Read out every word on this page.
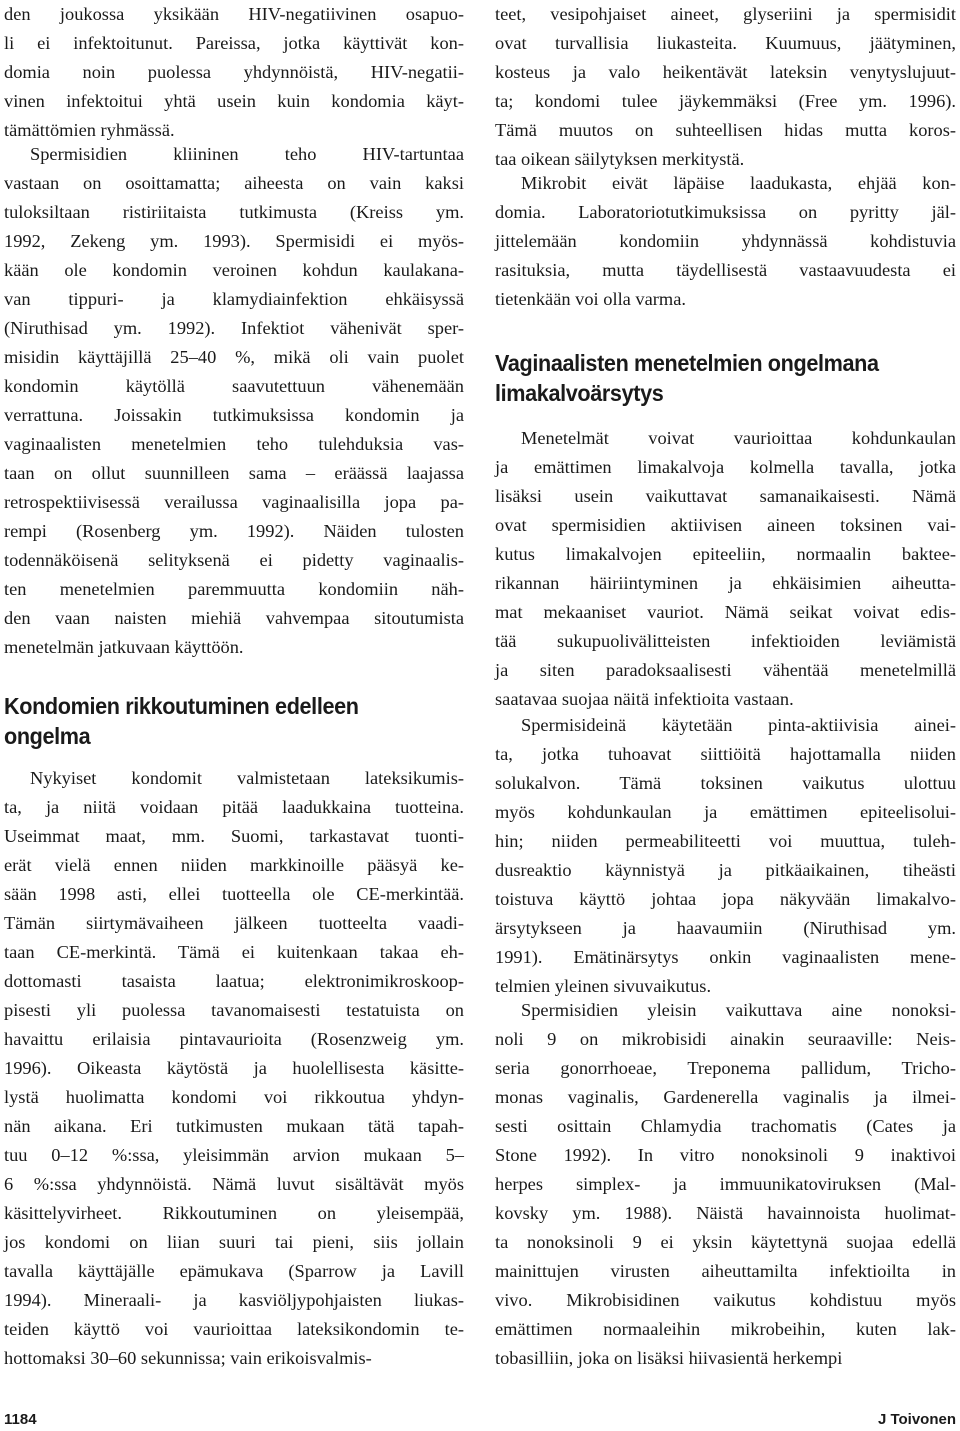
den joukossa yksikään HIV-negatiivinen osapuo-
li ei infektoitunut. Pareissa, jotka käyttivät kon-
domia noin puolessa yhdynnöistä, HIV-negatii-
vinen infektoitui yhtä usein kuin kondomia käyt-
tämättömien ryhmässä.
Spermisidien kliininen teho HIV-tartuntaa
vastaan on osoittamatta; aiheesta on vain kaksi
tuloksiltaan ristiriitaista tutkimusta (Kreiss ym.
1992, Zekeng ym. 1993). Spermisidi ei myös-
kään ole kondomin veroinen kohdun kaulakana-
van tippuri- ja klamydiainfektion ehkäisyssä
(Niruthisad ym. 1992). Infektiot vähenivät sper-
misidin käyttäjillä 25–40 %, mikä oli vain puolet
kondomin käytöllä saavutettuun vähenemään
verrattuna. Joissakin tutkimuksissa kondomin ja
vaginaalisten menetelmien teho tulehduksia vas-
taan on ollut suunnilleen sama – eräässä laajassa
retrospektiivisessä verailussa vaginaalisilla jopa pa-
rempi (Rosenberg ym. 1992). Näiden tulosten
todennäköisenä selityksenä ei pidetty vaginaalis-
ten menetelmien paremmuutta kondomiin näh-
den vaan naisten miehiä vahvempaa sitoutumista
menetelmän jatkuvaan käyttöön.
Kondomien rikkoutuminen edelleen
ongelma
Nykyiset kondomit valmistetaan lateksikumis-
ta, ja niitä voidaan pitää laadukkaina tuotteina.
Useimmat maat, mm. Suomi, tarkastavat tuonti-
erät vielä ennen niiden markkinoille pääsyä ke-
sään 1998 asti, ellei tuotteella ole CE-merkintää.
Tämän siirtymävaiheen jälkeen tuotteelta vaadi-
taan CE-merkintä. Tämä ei kuitenkaan takaa eh-
dottomasti tasaista laatua; elektronimikroskoop-
pisesti yli puolessa tavanomaisesti testatuista on
havaittu erilaisia pintavaurioita (Rosenzweig ym.
1996). Oikeasta käytöstä ja huolellisesta käsitte-
lystä huolimatta kondomi voi rikkoutua yhdyn-
nän aikana. Eri tutkimusten mukaan tätä tapah-
tuu 0–12 %:ssa, yleisimmän arvion mukaan 5–
6 %:ssa yhdynnöistä. Nämä luvut sisältävät myös
käsittelyvirheet. Rikkoutuminen on yleisempää,
jos kondomi on liian suuri tai pieni, siis jollain
tavalla käyttäjälle epämukava (Sparrow ja Lavill
1994). Mineraali- ja kasviöljypohjaisten liukas-
teiden käyttö voi vaurioittaa lateksikondomin te-
hottomaksi 30–60 sekunnissa; vain erikoisvalmis-
teet, vesipohjaiset aineet, glyseriini ja spermisidit
ovat turvallisia liukasteita. Kuumuus, jäätyminen,
kosteus ja valo heikentävät lateksin venytyslujuut-
ta; kondomi tulee jäykemmäksi (Free ym. 1996).
Tämä muutos on suhteellisen hidas mutta koros-
taa oikean säilytyksen merkitystä.
Mikrobit eivät läpäise laadukasta, ehjää kon-
domia. Laboratoriotutkimuksissa on pyritty jäl-
jittelemään kondomiin yhdynnässä kohdistuvia
rasituksia, mutta täydellisestä vastaavuudesta ei
tietenkään voi olla varma.
Vaginaalisten menetelmien ongelmana
limakalvoärsytys
Menetelmät voivat vaurioittaa kohdunkaulan
ja emättimen limakalvoja kolmella tavalla, jotka
lisäksi usein vaikuttavat samanaikaisesti. Nämä
ovat spermisidien aktiivisen aineen toksinen vai-
kutus limakalvojen epiteeliin, normaalin baktee-
rikannan häiriintyminen ja ehkäisimien aiheutta-
mat mekaaniset vauriot. Nämä seikat voivat edis-
tää sukupuolivälitteisten infektioiden leviämistä
ja siten paradoksaalisesti vähentää menetelmillä
saatavaa suojaa näitä infektioita vastaan.
Spermisideinä käytetään pinta-aktiivisia ainei-
ta, jotka tuhoavat siittiöitä hajottamalla niiden
solukalvon. Tämä toksinen vaikutus ulottuu
myös kohdunkaulan ja emättimen epiteelisolui-
hin; niiden permeabiliteetti voi muuttua, tuleh-
dusreaktio käynnistyä ja pitkäaikainen, tiheästi
toistuva käyttö johtaa jopa näkyvään limakalvo-
ärsytykseen ja haavaumiin (Niruthisad ym.
1991). Emätinärsytys onkin vaginaalisten mene-
telmien yleinen sivuvaikutus.
Spermisidien yleisin vaikuttava aine nonoksi-
noli 9 on mikrobisidi ainakin seuraaville: Neis-
seria gonorrhoeae, Treponema pallidum, Tricho-
monas vaginalis, Gardenerella vaginalis ja ilmei-
sesti osittain Chlamydia trachomatis (Cates ja
Stone 1992). In vitro nonoksinoli 9 inaktivoi
herpes simplex- ja immuunikatoviruksen (Mal-
kovsky ym. 1988). Näistä havainnoista huolimat-
ta nonoksinoli 9 ei yksin käytettynä suojaa edellä
mainittujen virusten aiheuttamilta infektioilta in
vivo. Mikrobisidinen vaikutus kohdistuu myös
emättimen normaaleihin mikrobeihin, kuten lak-
tobasilliin, joka on lisäksi hiivasientä herkempi
1184	J Toivonen
